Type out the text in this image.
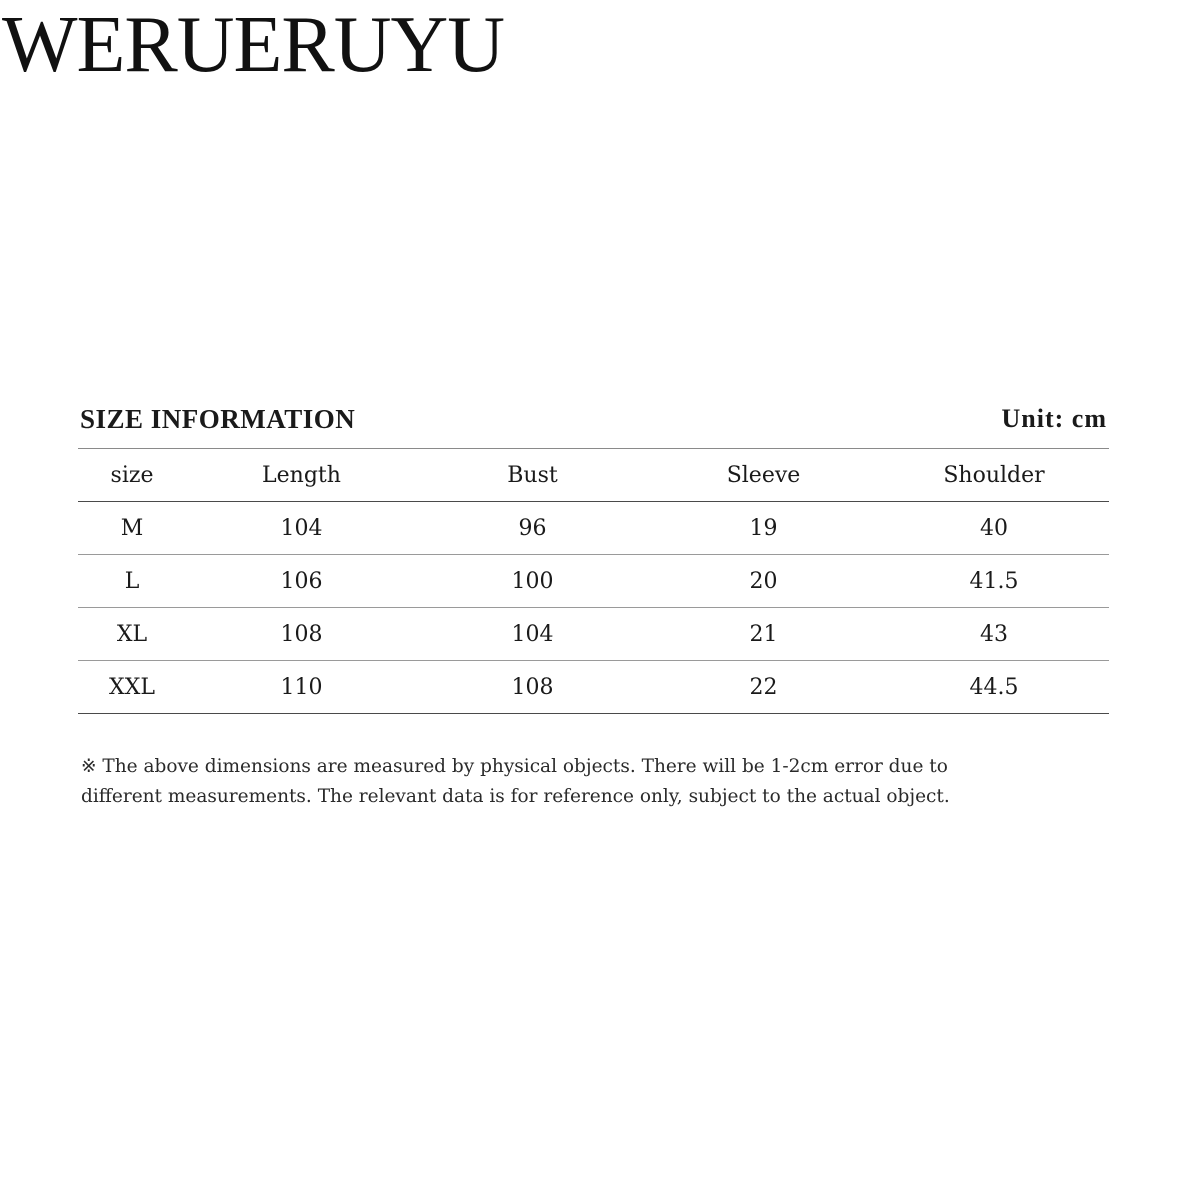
WERUERUYU
SIZE INFORMATION	Unit: cm
size	Length	Bust	Sleeve	Shoulder
M	104	96	19	40
L	106	100	20	41.5
XL	108	104	21	43
XXL	110	108	22	44.5
※ The above dimensions are measured by physical objects. There will be 1-2cm error due to
different measurements. The relevant data is for reference only, subject to the actual object.
